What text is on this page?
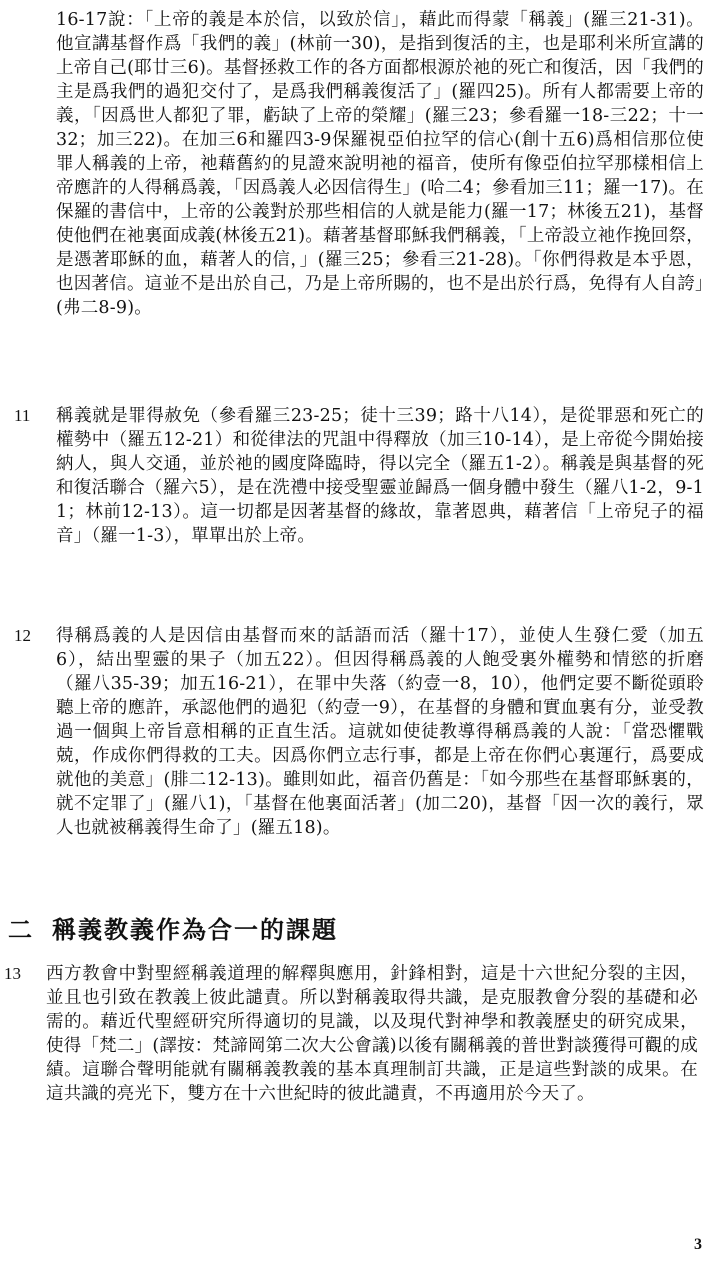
16-17說：「上帝的義是本於信，以致於信」，藉此而得蒙「稱義」(羅三21-31)。他宣講基督作爲「我們的義」(林前一30)，是指到復活的主，也是耶利米所宣講的上帝自己(耶廿三6)。基督拯救工作的各方面都根源於祂的死亡和復活，因「我們的主是爲我們的過犯交付了，是爲我們稱義復活了」(羅四25)。所有人都需要上帝的義，「因爲世人都犯了罪，虧缺了上帝的榮耀」(羅三23；參看羅一18-三22；十一32；加三22)。在加三6和羅四3-9保羅視亞伯拉罕的信心(創十五6)爲相信那位使罪人稱義的上帝，祂藉舊約的見證來說明祂的福音，使所有像亞伯拉罕那樣相信上帝應許的人得稱爲義，「因爲義人必因信得生」(哈二4；參看加三11；羅一17)。在保羅的書信中，上帝的公義對於那些相信的人就是能力(羅一17；林後五21)，基督使他們在祂裏面成義(林後五21)。藉著基督耶穌我們稱義，「上帝設立祂作挽回祭，是憑著耶穌的血，藉著人的信，」(羅三25；參看三21-28)。「你們得救是本乎恩，也因著信。這並不是出於自己，乃是上帝所賜的，也不是出於行爲，免得有人自誇」(弗二8-9)。

11 稱義就是罪得赦免（參看羅三23-25；徒十三39；路十八14），是從罪惡和死亡的權勢中（羅五12-21）和從律法的咒詛中得釋放（加三10-14），是上帝從今開始接納人，與人交通，並於祂的國度降臨時，得以完全（羅五1-2）。稱義是與基督的死和復活聯合（羅六5），是在洗禮中接受聖靈並歸爲一個身體中發生（羅八1-2，9-11；林前12-13）。這一切都是因著基督的緣故，靠著恩典，藉著信「上帝兒子的福音」（羅一1-3），單單出於上帝。

12 得稱爲義的人是因信由基督而來的話語而活（羅十17），並使人生發仁愛（加五6），結出聖靈的果子（加五22）。但因得稱爲義的人飽受裏外權勢和情慾的折磨（羅八35-39；加五16-21），在罪中失落（約壹一8，10），他們定要不斷從頭聆聽上帝的應許，承認他們的過犯（約壹一9），在基督的身體和實血裏有分，並受教過一個與上帝旨意相稱的正直生活。這就如使徒教導得稱爲義的人說：「當恐懼戰兢，作成你們得救的工夫。因爲你們立志行事，都是上帝在你們心裏運行，爲要成就他的美意」(腓二12-13)。雖則如此，福音仍舊是：「如今那些在基督耶穌裏的，就不定罪了」(羅八1)，「基督在他裏面活著」(加二20)，基督「因一次的義行，眾人也就被稱義得生命了」(羅五18)。

二 稱義教義作為合一的課題
13 西方教會中對聖經稱義道理的解釋與應用，針鋒相對，這是十六世紀分裂的主因，並且也引致在教義上彼此譴責。所以對稱義取得共識，是克服教會分裂的基礎和必需的。藉近代聖經研究所得適切的見識，以及現代對神學和教義歷史的研究成果，使得「梵二」(譯按：梵諦岡第二次大公會議)以後有關稱義的普世對談獲得可觀的成績。這聯合聲明能就有關稱義教義的基本真理制訂共識，正是這些對談的成果。在這共識的亮光下，雙方在十六世紀時的彼此譴責，不再適用於今天了。

3
